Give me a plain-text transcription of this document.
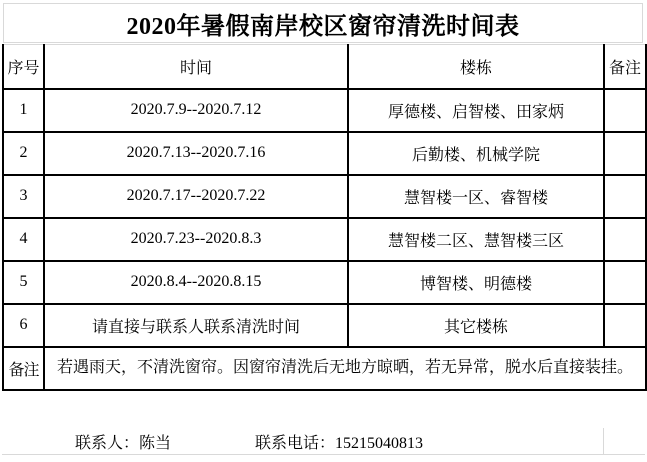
2020年暑假南岸校区窗帘清洗时间表
序号	时间	楼栋	备注
1	2020.7.9--2020.7.12	厚德楼、启智楼、田家炳	
2	2020.7.13--2020.7.16	后勤楼、机械学院	
3	2020.7.17--2020.7.22	慧智楼一区、睿智楼	
4	2020.7.23--2020.8.3	慧智楼二区、慧智楼三区	
5	2020.8.4--2020.8.15	博智楼、明德楼	
6	请直接与联系人联系清洗时间	其它楼栋	
备注	若遇雨天，不清洗窗帘。因窗帘清洗后无地方晾晒，若无异常，脱水后直接装挂。		
联系人：陈当	联系电话：15215040813
